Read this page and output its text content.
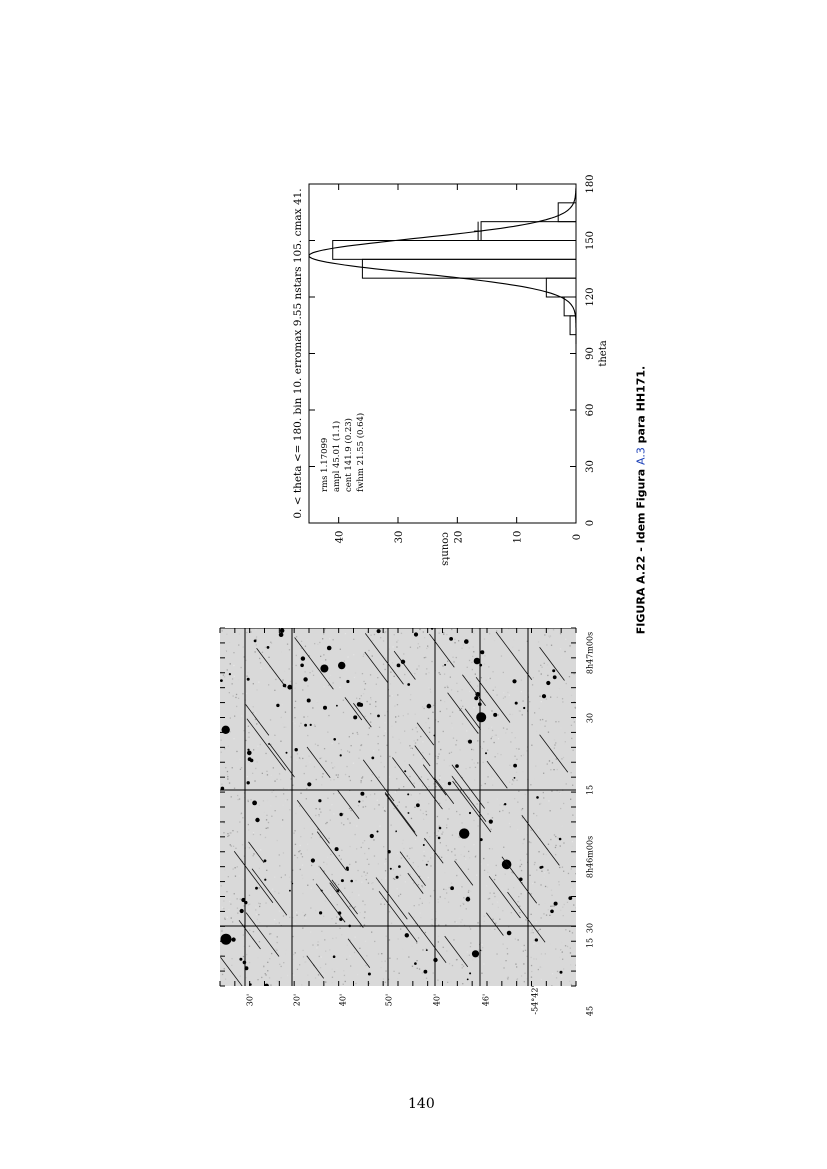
0
30
60
90
120
150
180
0
10
20
30
40
0. < theta <= 180. bin 10. erromax 9.55 nstars 105. cmax 41.	theta
counts
rms 1.17099 ampl 45.01 (1.1) cent 141.9 (0.23) fwhm 21.55 (0.64)
-54°42'
46'
40'
50'
40'
20'
30'
8h47m00s
30
15
8h46m00s
30
15
45
FIGURA A.22 - Idem Figura A.3 para HH171.
140
